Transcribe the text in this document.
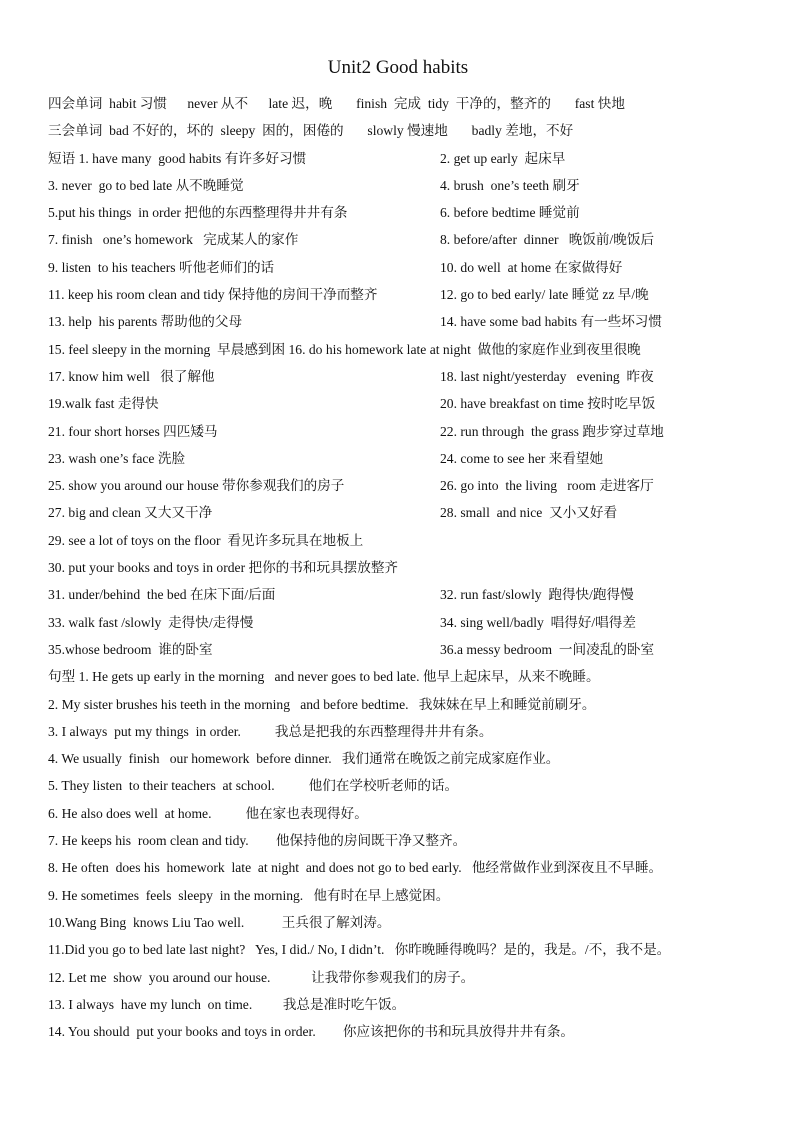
Unit2 Good habits
四会单词  habit 习惯      never 从不      late 迟，晚       finish  完成  tidy  干净的，整齐的       fast 快地
三会单词  bad 不好的，坏的  sleepy  困的，困倦的       slowly 慢速地       badly 差地，不好
短语 1. have many  good habits 有许多好习惯	2. get up early  起床早
3. never  go to bed late 从不晚睡觉	4. brush  one’s teeth 刷牙
5.put his things  in order 把他的东西整理得井井有条	6. before bedtime 睡觉前
7. finish   one’s homework   完成某人的家作	8. before/after  dinner   晚饭前/晚饭后
9. listen  to his teachers 听他老师们的话	10. do well  at home 在家做得好
11. keep his room clean and tidy 保持他的房间干净而整齐	12. go to bed early/ late 睡觉 zz 早/晚
13. help  his parents 帮助他的父母	14. have some bad habits 有一些坏习惯
15. feel sleepy in the morning  早晨感到困 16. do his homework late at night  做他的家庭作业到夜里很晚
17. know him well   很了解他	18. last night/yesterday   evening  昨夜
19.walk fast 走得快	20. have breakfast on time 按时吃早饭
21. four short horses 四匹矮马	22. run through  the grass 跑步穿过草地
23. wash one’s face 洗脸	24. come to see her 来看望她
25. show you around our house 带你参观我们的房子	26. go into  the living   room 走进客厅
27. big and clean 又大又干净	28. small  and nice  又小又好看
29. see a lot of toys on the floor  看见许多玩具在地板上
30. put your books and toys in order 把你的书和玩具摆放整齐
31. under/behind  the bed 在床下面/后面	32. run fast/slowly  跑得快/跑得慢
33. walk fast /slowly  走得快/走得慢	34. sing well/badly  唱得好/唱得差
35.whose bedroom  谁的卧室	36.a messy bedroom  一间凌乱的卧室
句型 1. He gets up early in the morning   and never goes to bed late. 他早上起床早，从来不晚睡。
2. My sister brushes his teeth in the morning   and before bedtime.   我妹妹在早上和睡觉前刷牙。
3. I always  put my things  in order.          我总是把我的东西整理得井井有条。
4. We usually  finish   our homework  before dinner.   我们通常在晚饭之前完成家庭作业。
5. They listen  to their teachers  at school.          他们在学校听老师的话。
6. He also does well  at home.          他在家也表现得好。
7. He keeps his  room clean and tidy.        他保持他的房间既干净又整齐。
8. He often  does his  homework  late  at night  and does not go to bed early.   他经常做作业到深夜且不早睡。
9. He sometimes  feels  sleepy  in the morning.   他有时在早上感觉困。
10.Wang Bing  knows Liu Tao well.           王兵很了解刘涛。
11.Did you go to bed late last night?   Yes, I did./ No, I didn’t.   你昨晚睡得晚吗？是的，我是。/不，我不是。
12. Let me  show  you around our house.            让我带你参观我们的房子。
13. I always  have my lunch  on time.         我总是准时吃午饭。
14. You should  put your books and toys in order.        你应该把你的书和玩具放得井井有条。
